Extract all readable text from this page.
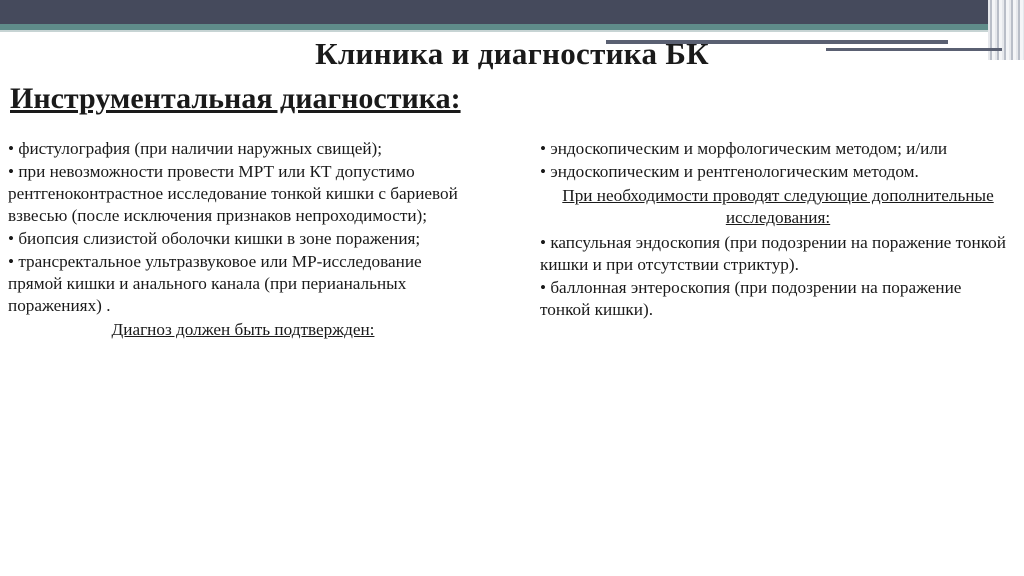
Клиника и диагностика БК
Инструментальная диагностика:
• фистулография (при наличии наружных свищей);
• при невозможности провести МРТ или КТ допустимо рентгеноконтрастное исследование тонкой кишки с бариевой взвесью (после исключения признаков непроходимости);
• биопсия слизистой оболочки кишки в зоне поражения;
• трансректальное ультразвуковое или МР-исследование прямой кишки и анального канала (при перианальных поражениях) .
Диагноз должен быть подтвержден:
• эндоскопическим и морфологическим методом; и/или
• эндоскопическим и рентгенологическим методом.
При необходимости проводят следующие дополнительные исследования:
• капсульная эндоскопия (при подозрении на поражение тонкой кишки и при отсутствии стриктур).
• баллонная энтероскопия (при подозрении на поражение тонкой кишки).
